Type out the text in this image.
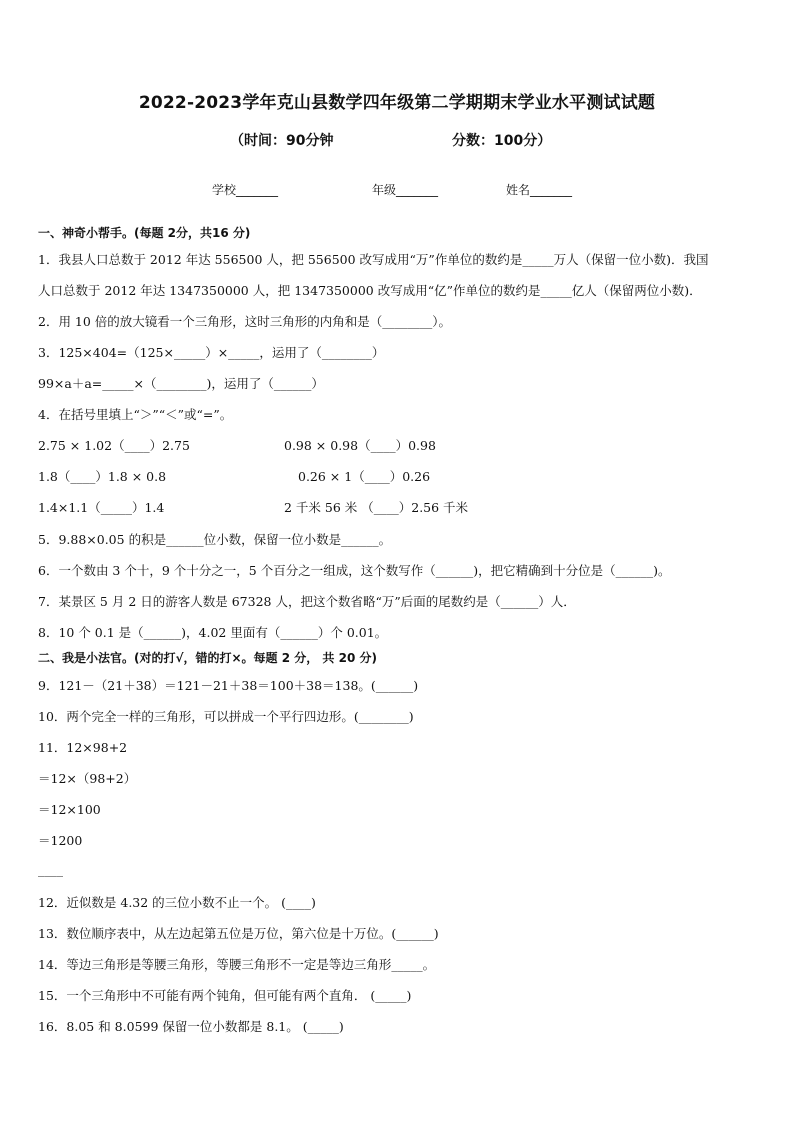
2022-2023学年克山县数学四年级第二学期期末学业水平测试试题
（时间：90分钟	分数：100分）
学校_______	年级_______	姓名_______
一、神奇小帮手。(每题 2分，共16 分)
1．我县人口总数于 2012 年达 556500 人，把 556500 改写成用“万”作单位的数约是_____万人（保留一位小数)．我国
人口总数于 2012 年达 1347350000 人，把 1347350000 改写成用“亿”作单位的数约是_____亿人（保留两位小数)．
2．用 10 倍的放大镜看一个三角形，这时三角形的内角和是（________）。
3．125×404=（125×_____）×_____，运用了（________）
99×a＋a=_____×（________)，运用了（______）
4．在括号里填上“＞”“＜”或“=”。
2.75 × 1.02（____）2.75	0.98 × 0.98（____）0.98
1.8（____）1.8 × 0.8	0.26 × 1（____）0.26
1.4×1.1（_____）1.4	2 千米 56 米 （____）2.56 千米
5．9.88×0.05 的积是______位小数，保留一位小数是______。
6．一个数由 3 个十，9 个十分之一，5 个百分之一组成，这个数写作（______)，把它精确到十分位是（______)。
7．某景区 5 月 2 日的游客人数是 67328 人，把这个数省略“万”后面的尾数约是（______）人．
8．10 个 0.1 是（______)，4.02 里面有（______）个 0.01。
二、我是小法官。(对的打√，错的打×。每题 2 分， 共 20 分)
9．121－（21＋38）＝121－21＋38＝100＋38＝138。(______)
10．两个完全一样的三角形，可以拼成一个平行四边形。(________)
11．12×98+2
＝12×（98+2）
＝12×100
＝1200
____
12．近似数是 4.32 的三位小数不止一个。 (____)
13．数位顺序表中，从左边起第五位是万位，第六位是十万位。(______)
14．等边三角形是等腰三角形，等腰三角形不一定是等边三角形_____。
15．一个三角形中不可能有两个钝角，但可能有两个直角． (_____)
16．8.05 和 8.0599 保留一位小数都是 8.1。 (_____)
